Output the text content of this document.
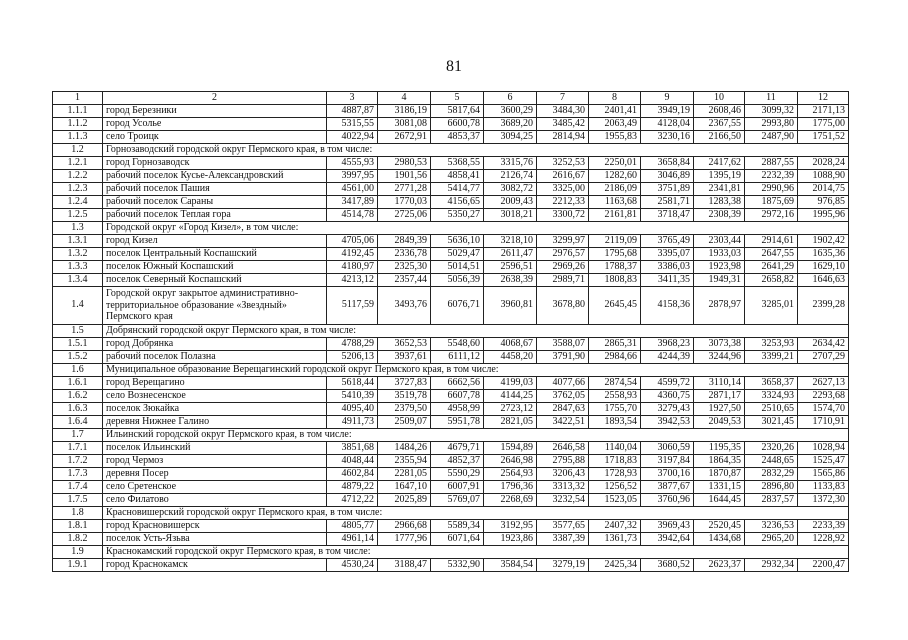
81
1	2	3	4	5	6	7	8	9	10	11	12
1.1.1	город Березники	4887,87	3186,19	5817,64	3600,29	3484,30	2401,41	3949,19	2608,46	3099,32	2171,13
1.1.2	город Усолье	5315,55	3081,08	6600,78	3689,20	3485,42	2063,49	4128,04	2367,55	2993,80	1775,00
1.1.3	село Троицк	4022,94	2672,91	4853,37	3094,25	2814,94	1955,83	3230,16	2166,50	2487,90	1751,52
1.2	Горнозаводский городской округ Пермского края, в том числе:										
1.2.1	город Горнозаводск	4555,93	2980,53	5368,55	3315,76	3252,53	2250,01	3658,84	2417,62	2887,55	2028,24
1.2.2	рабочий поселок Кусье-Александровский	3997,95	1901,56	4858,41	2126,74	2616,67	1282,60	3046,89	1395,19	2232,39	1088,90
1.2.3	рабочий поселок Пашия	4561,00	2771,28	5414,77	3082,72	3325,00	2186,09	3751,89	2341,81	2990,96	2014,75
1.2.4	рабочий поселок Сараны	3417,89	1770,03	4156,65	2009,43	2212,33	1163,68	2581,71	1283,38	1875,69	976,85
1.2.5	рабочий поселок Теплая гора	4514,78	2725,06	5350,27	3018,21	3300,72	2161,81	3718,47	2308,39	2972,16	1995,96
1.3	Городской округ «Город Кизел», в том числе:										
1.3.1	город Кизел	4705,06	2849,39	5636,10	3218,10	3299,97	2119,09	3765,49	2303,44	2914,61	1902,42
1.3.2	поселок Центральный Коспашский	4192,45	2336,78	5029,47	2611,47	2976,57	1795,68	3395,07	1933,03	2647,55	1635,36
1.3.3	поселок Южный Коспашский	4180,97	2325,30	5014,51	2596,51	2969,26	1788,37	3386,03	1923,98	2641,29	1629,10
1.3.4	поселок Северный Коспашский	4213,12	2357,44	5056,39	2638,39	2989,71	1808,83	3411,35	1949,31	2658,82	1646,63
1.4	Городской округ закрытое административно-территориальное образование «Звездный» Пермского края	5117,59	3493,76	6076,71	3960,81	3678,80	2645,45	4158,36	2878,97	3285,01	2399,28
1.5	Добрянский городской округ Пермского края, в том числе:										
1.5.1	город Добрянка	4788,29	3652,53	5548,60	4068,67	3588,07	2865,31	3968,23	3073,38	3253,93	2634,42
1.5.2	рабочий поселок Полазна	5206,13	3937,61	6111,12	4458,20	3791,90	2984,66	4244,39	3244,96	3399,21	2707,29
1.6	Муниципальное образование Верещагинский городской округ Пермского края, в том числе:										
1.6.1	город Верещагино	5618,44	3727,83	6662,56	4199,03	4077,66	2874,54	4599,72	3110,14	3658,37	2627,13
1.6.2	село Вознесенское	5410,39	3519,78	6607,78	4144,25	3762,05	2558,93	4360,75	2871,17	3324,93	2293,68
1.6.3	поселок Зюкайка	4095,40	2379,50	4958,99	2723,12	2847,63	1755,70	3279,43	1927,50	2510,65	1574,70
1.6.4	деревня Нижнее Галино	4911,73	2509,07	5951,78	2821,05	3422,51	1893,54	3942,53	2049,53	3021,45	1710,91
1.7	Ильинский городской округ Пермского края, в том числе:										
1.7.1	поселок Ильинский	3851,68	1484,26	4679,71	1594,89	2646,58	1140,04	3060,59	1195,35	2320,26	1028,94
1.7.2	город Чермоз	4048,44	2355,94	4852,37	2646,98	2795,88	1718,83	3197,84	1864,35	2448,65	1525,47
1.7.3	деревня Посер	4602,84	2281,05	5590,29	2564,93	3206,43	1728,93	3700,16	1870,87	2832,29	1565,86
1.7.4	село Сретенское	4879,22	1647,10	6007,91	1796,36	3313,32	1256,52	3877,67	1331,15	2896,80	1133,83
1.7.5	село Филатово	4712,22	2025,89	5769,07	2268,69	3232,54	1523,05	3760,96	1644,45	2837,57	1372,30
1.8	Красновишерский городской округ Пермского края, в том числе:										
1.8.1	город Красновишерск	4805,77	2966,68	5589,34	3192,95	3577,65	2407,32	3969,43	2520,45	3236,53	2233,39
1.8.2	поселок Усть-Язьва	4961,14	1777,96	6071,64	1923,86	3387,39	1361,73	3942,64	1434,68	2965,20	1228,92
1.9	Краснокамский городской округ Пермского края, в том числе:										
1.9.1	город Краснокамск	4530,24	3188,47	5332,90	3584,54	3279,19	2425,34	3680,52	2623,37	2932,34	2200,47
